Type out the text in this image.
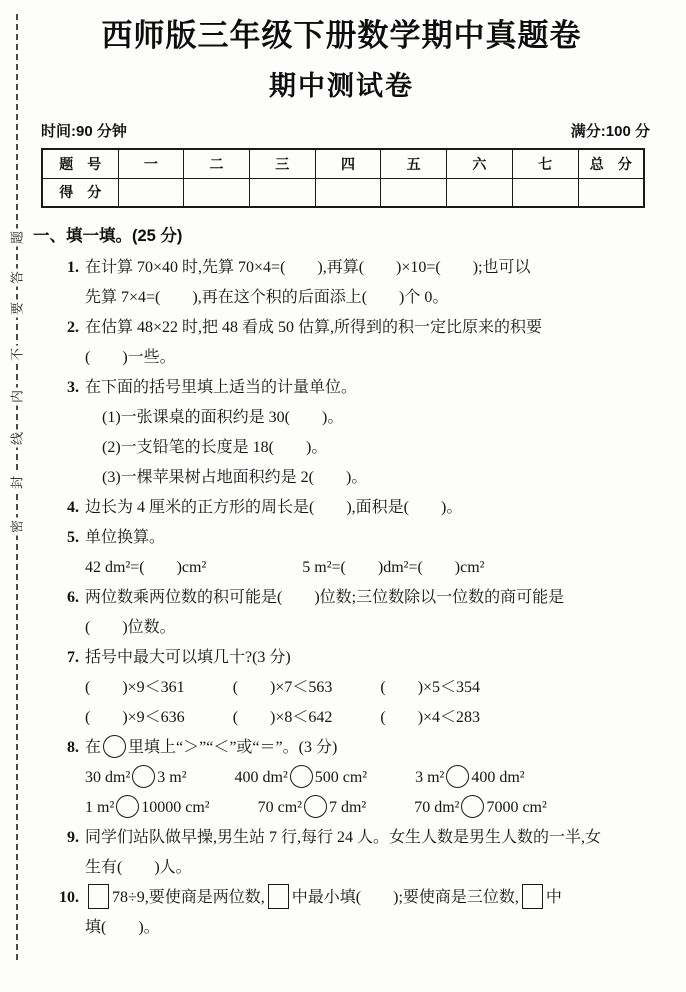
题
答
要
不
内
线
封
密
西师版三年级下册数学期中真题卷
期中测试卷
时间:90 分钟	满分:100 分
题　号	一	二	三	四	五	六	七	总　分
得　分								
一、填一填。(25 分)
1. 在计算 70×40 时,先算 70×4=(　　),再算(　　)×10=(　　);也可以
先算 7×4=(　　),再在这个积的后面添上(　　)个 0。
2. 在估算 48×22 时,把 48 看成 50 估算,所得到的积一定比原来的积要
(　　)一些。
3. 在下面的括号里填上适当的计量单位。
(1)一张课桌的面积约是 30(　　)。
(2)一支铅笔的长度是 18(　　)。
(3)一棵苹果树占地面积约是 2(　　)。
4. 边长为 4 厘米的正方形的周长是(　　),面积是(　　)。
5. 单位换算。
42 dm²=(　　)cm²	5 m²=(　　)dm²=(　　)cm²
6. 两位数乘两位数的积可能是(　　)位数;三位数除以一位数的商可能是
(　　)位数。
7. 括号中最大可以填几十?(3 分)
(　　)×9＜361	(　　)×7＜563	(　　)×5＜354
(　　)×9＜636	(　　)×8＜642	(　　)×4＜283
8. 在 里填上“＞”“＜”或“＝”。(3 分)
30 dm² 3 m²	400 dm² 500 cm²	3 m² 400 dm²
1 m² 10000 cm²	70 cm² 7 dm²	70 dm² 7000 cm²
9. 同学们站队做早操,男生站 7 行,每行 24 人。女生人数是男生人数的一半,女
生有(　　)人。
10.	78÷9,要使商是两位数, 中最小填(　　);要使商是三位数, 中
填(　　)。
